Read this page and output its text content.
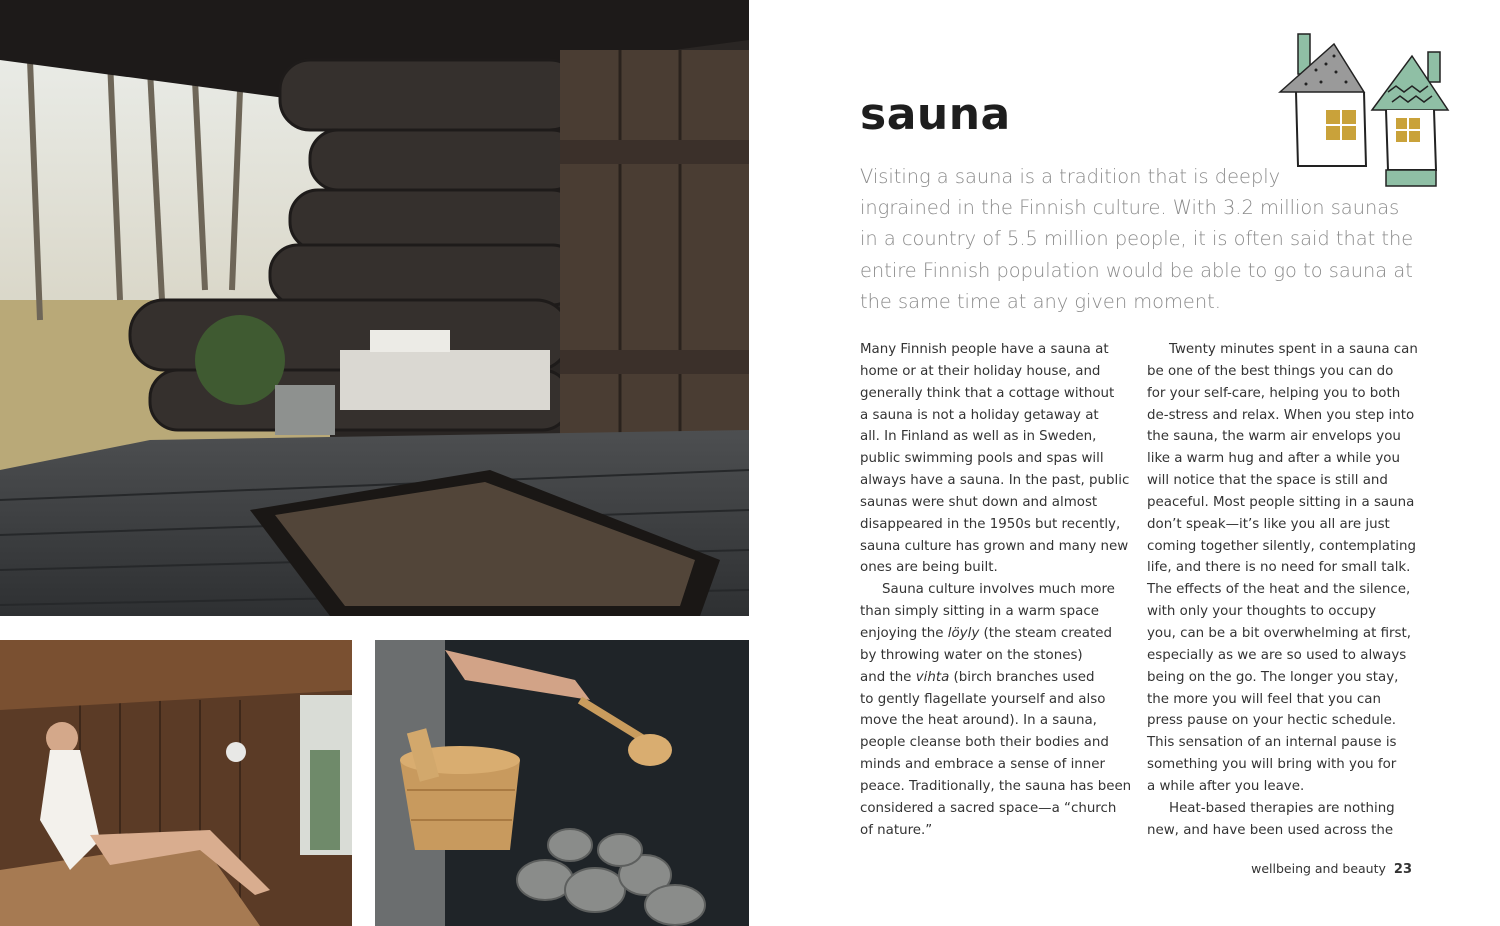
sauna
Visiting a sauna is a tradition that is deeply
ingrained in the Finnish culture. With 3.2 million saunas
in a country of 5.5 million people, it is often said that the
entire Finnish population would be able to go to sauna at
the same time at any given moment.

Many Finnish people have a sauna at
home or at their holiday house, and
generally think that a cottage without
a sauna is not a holiday getaway at
all. In Finland as well as in Sweden,
public swimming pools and spas will
always have a sauna. In the past, public
saunas were shut down and almost
disappeared in the 1950s but recently,
sauna culture has grown and many new
ones are being built.

Sauna culture involves much more
than simply sitting in a warm space
enjoying the löyly (the steam created
by throwing water on the stones)
and the vihta (birch branches used
to gently flagellate yourself and also
move the heat around). In a sauna,
people cleanse both their bodies and
minds and embrace a sense of inner
peace. Traditionally, the sauna has been
considered a sacred space—a “church
of nature.”

Twenty minutes spent in a sauna can
be one of the best things you can do
for your self-care, helping you to both
de-stress and relax. When you step into
the sauna, the warm air envelops you
like a warm hug and after a while you
will notice that the space is still and
peaceful. Most people sitting in a sauna
don’t speak—it’s like you all are just
coming together silently, contemplating
life, and there is no need for small talk.
The effects of the heat and the silence,
with only your thoughts to occupy
you, can be a bit overwhelming at first,
especially as we are so used to always
being on the go. The longer you stay,
the more you will feel that you can
press pause on your hectic schedule.
This sensation of an internal pause is
something you will bring with you for
a while after you leave.

Heat-based therapies are nothing
new, and have been used across the

wellbeing and beauty 23
